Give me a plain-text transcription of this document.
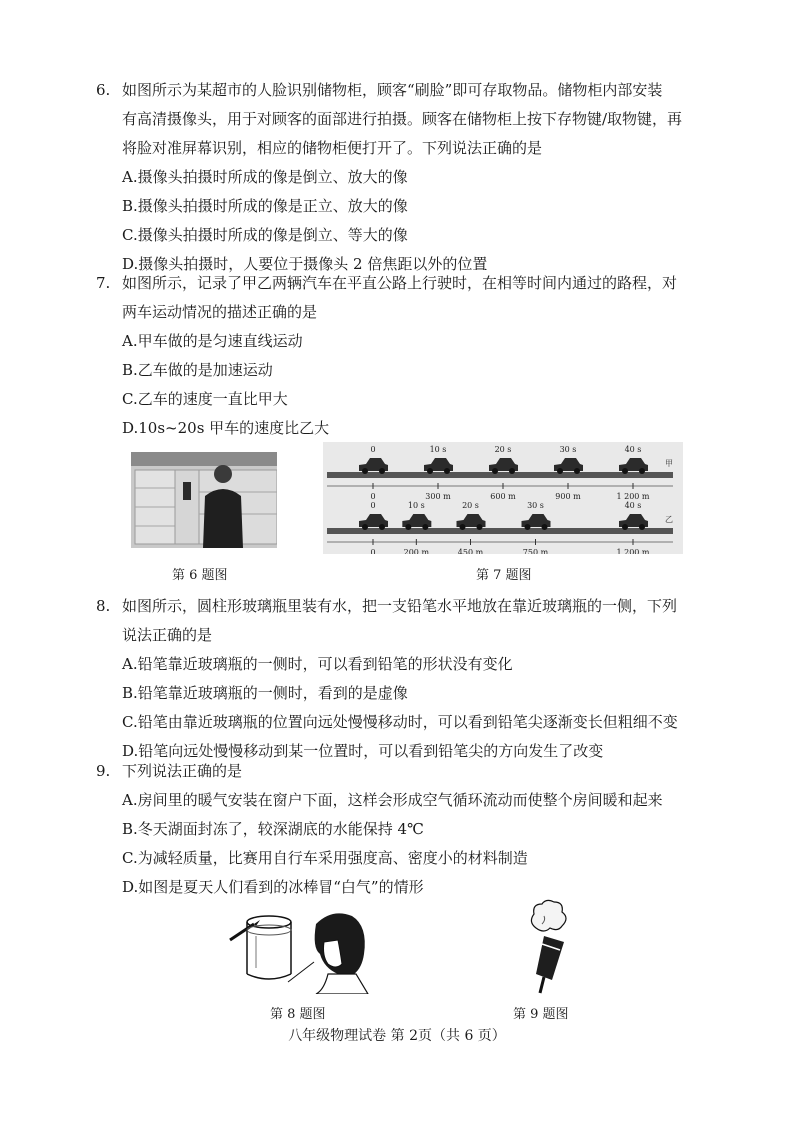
6. 如图所示为某超市的人脸识别储物柜，顾客“刷脸”即可存取物品。储物柜内部安装
有高清摄像头，用于对顾客的面部进行拍摄。顾客在储物柜上按下存物键/取物键，再
将脸对准屏幕识别，相应的储物柜便打开了。下列说法正确的是
A.摄像头拍摄时所成的像是倒立、放大的像
B.摄像头拍摄时所成的像是正立、放大的像
C.摄像头拍摄时所成的像是倒立、等大的像
D.摄像头拍摄时，人要位于摄像头 2 倍焦距以外的位置
7. 如图所示，记录了甲乙两辆汽车在平直公路上行驶时，在相等时间内通过的路程，对
两车运动情况的描述正确的是
A.甲车做的是匀速直线运动
B.乙车做的是加速运动
C.乙车的速度一直比甲大
D.10s~20s 甲车的速度比乙大
0
0
10 s
300 m
20 s
600 m
30 s
900 m
40 s
1 200 m
甲
0
0
10 s
200 m
20 s
450 m
30 s
750 m
40 s
1 200 m
乙
第 6 题图	第 7 题图
8. 如图所示，圆柱形玻璃瓶里装有水，把一支铅笔水平地放在靠近玻璃瓶的一侧，下列
说法正确的是
A.铅笔靠近玻璃瓶的一侧时，可以看到铅笔的形状没有变化
B.铅笔靠近玻璃瓶的一侧时，看到的是虚像
C.铅笔由靠近玻璃瓶的位置向远处慢慢移动时，可以看到铅笔尖逐渐变长但粗细不变
D.铅笔向远处慢慢移动到某一位置时，可以看到铅笔尖的方向发生了改变
9. 下列说法正确的是
A.房间里的暖气安装在窗户下面，这样会形成空气循环流动而使整个房间暖和起来
B.冬天湖面封冻了，较深湖底的水能保持 4℃
C.为减轻质量，比赛用自行车采用强度高、密度小的材料制造
D.如图是夏天人们看到的冰棒冒“白气”的情形
第 8 题图	第 9 题图
八年级物理试卷 第 2页（共 6 页）
